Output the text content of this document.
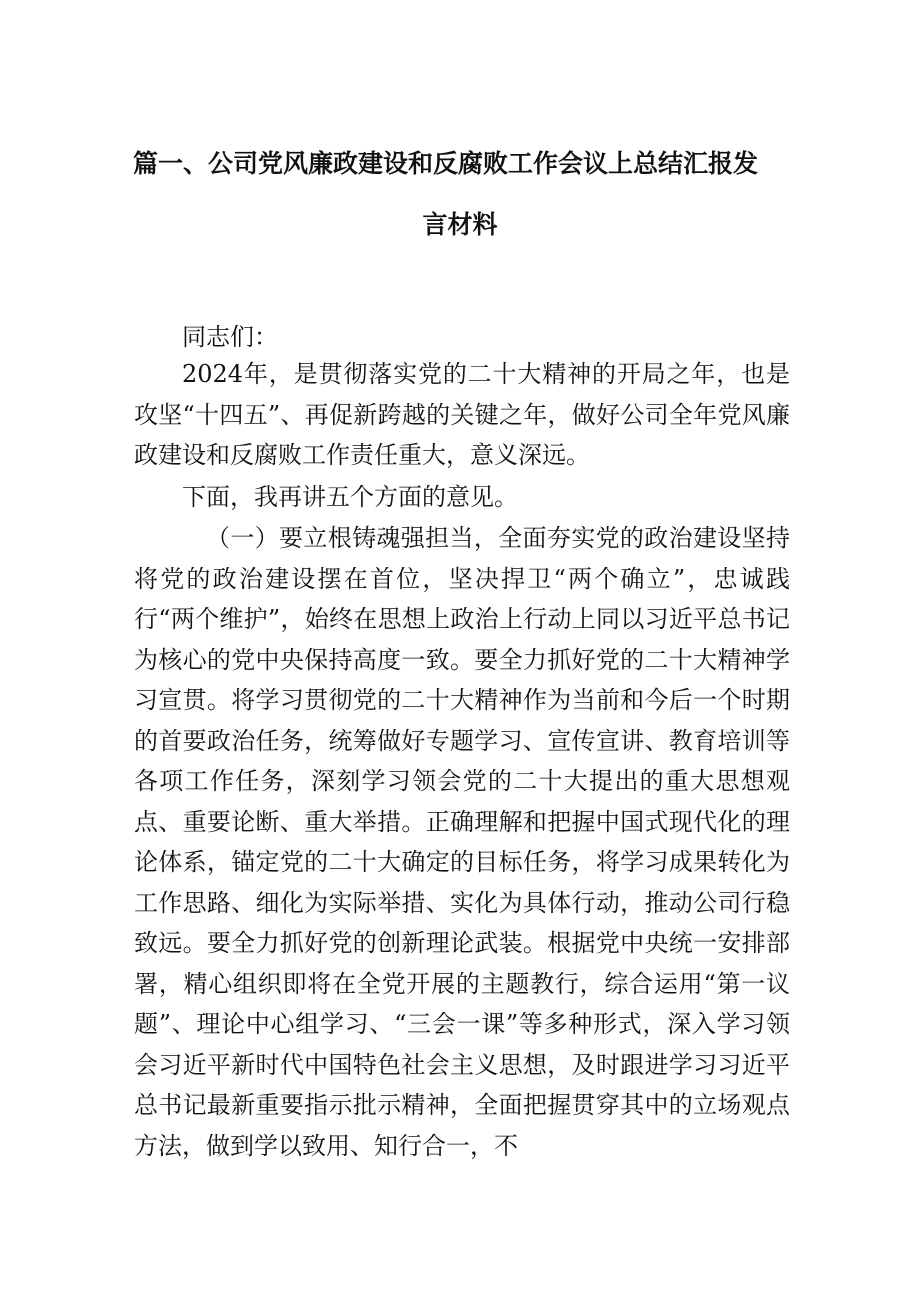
篇一、公司党风廉政建设和反腐败工作会议上总结汇报发
言材料
同志们：
2024年，是贯彻落实党的二十大精神的开局之年，也是攻坚“十四五”、再促新跨越的关键之年，做好公司全年党风廉政建设和反腐败工作责任重大，意义深远。
下面，我再讲五个方面的意见。
（一）要立根铸魂强担当，全面夯实党的政治建设坚持将党的政治建设摆在首位，坚决捍卫“两个确立”，忠诚践行“两个维护”，始终在思想上政治上行动上同以习近平总书记为核心的党中央保持高度一致。要全力抓好党的二十大精神学习宣贯。将学习贯彻党的二十大精神作为当前和今后一个时期的首要政治任务，统筹做好专题学习、宣传宣讲、教育培训等各项工作任务，深刻学习领会党的二十大提出的重大思想观点、重要论断、重大举措。正确理解和把握中国式现代化的理论体系，锚定党的二十大确定的目标任务，将学习成果转化为工作思路、细化为实际举措、实化为具体行动，推动公司行稳致远。要全力抓好党的创新理论武装。根据党中央统一安排部署，精心组织即将在全党开展的主题教行，综合运用“第一议题”、理论中心组学习、“三会一课”等多种形式，深入学习领会习近平新时代中国特色社会主义思想，及时跟进学习习近平总书记最新重要指示批示精神，全面把握贯穿其中的立场观点方法，做到学以致用、知行合一，不
